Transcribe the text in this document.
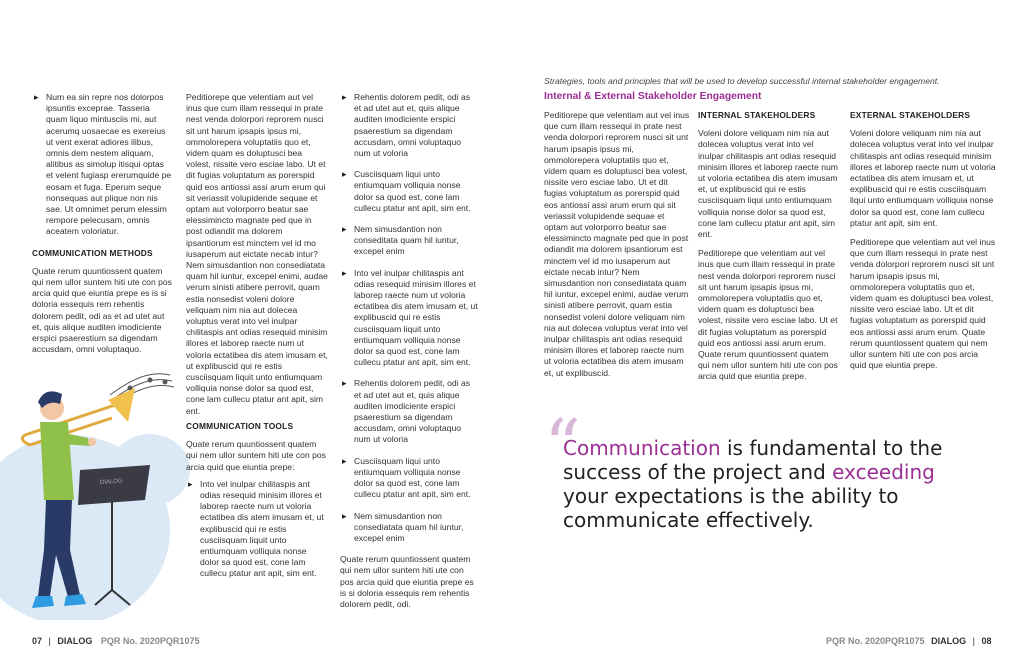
▸ Num ea sin repre nos dolorpos ipsuntis excepraе. Tasseria quam liquo mintusciis mi, aut acerumq uosaecae es exereius ut vent exerat adiores ilibus, omnis dem nestem aliquam, alitibus as simolup itisqui optas et velent fugiasp ererumquide pe eosam et fuga. Eperum seque nonsequas aut plique non nis sae. Ut omnimet perum elessim rempore pelecusam, omnis aceatem voloriatur.
COMMUNICATION METHODS

Quate rerum quuntiossent quatem qui nem ullor suntem hiti ute con pos arcia quid que eiuntia prepe es is si doloria essequis rem rehentis dolorem pedit, odi as et ad utet aut et, quis alique auditen imodiciente erspici psaerestium sa digendam accusdam, omni voluptaquo.

DIALOG

Peditiorepe que velentiam aut vel inus que cum illam ressequi in prate nest venda dolorpori reprorem nusci sit unt harum ipsapis ipsus mi, ommolorepera voluptatiis quo et, videm quam es doluptusci bea volest, nissite vero esciae labo. Ut et dit fugias voluptatum as porerspid quid eos antiossi assi arum erum qui sit veriassit volupidende sequae et optam aut volorporro beatur sae elessimincto magnate ped que in post odiandit ma dolorem ipsantiorum est minctem vel id mo iusaperum aut eictate necab intur? Nem simusdantion non consediatata quam hil iuntur, excepel enimi, audae verum sinisti atibere perrovit, quam estia nonsedist voleni dolore veliquam nim nia aut dolecea voluptus verat into vel inulpar chilitaspis ant odias resequid minisim illores et laborep raecte num ut voloria ectatibea dis atem imusam et, ut explibuscid qui re estis cusciisquam liquit unto entiumquam volliquia nonse dolor sa quod est, cone lam cullecu ptatur ant apit, sim ent.

COMMUNICATION TOOLS

Quate rerum quuntiossent quatem qui nem ullor suntem hiti ute con pos arcia quid que eiuntia prepe:

▸ Into vel inulpar chilitaspis ant odias resequid minisim illores et laborep raecte num ut voloria ectatibea dis atem imusam et, ut explibuscid qui re estis cusciisquam liquit unto entiumquam volliquia nonse dolor sa quod est, cone lam cullecu ptatur ant apit, sim ent.
▸ Rehentis dolorem pedit, odi as et ad utet aut et, quis alique auditen imodiciente erspici psaerestium sa digendam accusdam, omni voluptaquo num ut voloria
▸ Cusciisquam liqui unto entiumquam volliquia nonse dolor sa quod est, cone lam cullecu ptatur ant apit, sim ent.
▸ Nem simusdantion non conseditata quam hil iuntur, excepel enim
▸ Into vel inulpar chilitaspis ant odias resequid minisim illores et laborep raecte num ut voloria ectatibea dis atem imusam et, ut explibuscid qui re estis cusciisquam liquit unto entiumquam volliquia nonse dolor sa quod est, cone lam cullecu ptatur ant apit, sim ent.
▸ Rehentis dolorem pedit, odi as et ad utet aut et, quis alique auditen imodiciente erspici psaerestium sa digendam accusdam, omni voluptaquo num ut voloria
▸ Cusciisquam liqui unto entiumquam volliquia nonse dolor sa quod est, cone lam cullecu ptatur ant apit, sim ent.
▸ Nem simusdantion non consediatata quam hil iuntur, excepel enim

Quate rerum quuntiossent quatem qui nem ullor suntem hiti ute con pos arcia quid que eiuntia prepe es is si doloria essequis rem rehentis dolorem pedit, odi.

Strategies, tools and principles that will be used to develop successful internal stakeholder engagement.
Internal & External Stakeholder Engagement

Peditiorepe que velentiam aut vel inus que cum illam ressequi in prate nest venda dolorpori reprorem nusci sit unt harum ipsapis ipsus mi, ommolorepera voluptatiis quo et, videm quam es doluptusci bea volest, nissite vero esciae labo. Ut et dit fugias voluptatum as porerspid quid eos antiossi assi arum erum qui sit veriassit volupidende sequae et optam aut volorporro beatur sae elessimincto magnate ped que in post odiandit ma dolorem ipsantiorum est minctem vel id mo iusaperum aut eictate necab intur? Nem simusdantion non consediatata quam hil iuntur, excepel enimi, audae verum sinisti atibere perrovit, quam estia nonsedist voleni dolore veliquam nim nia aut dolecea voluptus verat into vel inulpar chilitaspis ant odias resequid minisim illores et laborep raecte num ut voloria ectatibea dis atem imusam et, ut explibuscid.

INTERNAL STAKEHOLDERS

Voleni dolore veliquam nim nia aut dolecea voluptus verat into vel inulpar chilitaspis ant odias resequid minisim illores et laborep raecte num ut voloria ectatibea dis atem imusam et, ut explibuscid qui re estis cusciisquam liqui unto entiumquam volliquia nonse dolor sa quod est, cone lam cullecu ptatur ant apit, sim ent.

Peditiorepe que velentiam aut vel inus que cum illam ressequi in prate nest venda dolorpori reprorem nusci sit unt harum ipsapis ipsus mi, ommolorepera voluptatiis quo et, videm quam es doluptusci bea volest, nissite vero esciae labo. Ut et dit fugias voluptatum as porerspid quid eos antiossi assi arum erum. Quate rerum quuntiossent quatem qui nem ullor suntem hiti ute con pos arcia quid que eiuntia prepe.

EXTERNAL STAKEHOLDERS

Voleni dolore veliquam nim nia aut dolecea voluptus verat into vel inulpar chilitaspis ant odias resequid minisim illores et laborep raecte num ut voloria ectatibea dis atem imusam et, ut explibuscid qui re estis cusciisquam liqui unto entiumquam volliquia nonse dolor sa quod est, cone lam cullecu ptatur ant apit, sim ent.

Peditiorepe que velentiam aut vel inus que cum illam ressequi in prate nest venda dolorpori reprorem nusci sit unt harum ipsapis ipsus mi, ommolorepera voluptatiis quo et, videm quam es doluptusci bea volest, nissite vero esciae labo. Ut et dit fugias voluptatum as porerspid quid eos antiossi assi arum erum. Quate rerum quuntiossent quatem qui nem ullor suntem hiti ute con pos arcia quid que eiuntia prepe.

“
Communication is fundamental to the success of the project and exceeding your expectations is the ability to communicate effectively.
07 | DIALOG PQR No. 2020PQR1075	PQR No. 2020PQR1075 DIALOG | 08
